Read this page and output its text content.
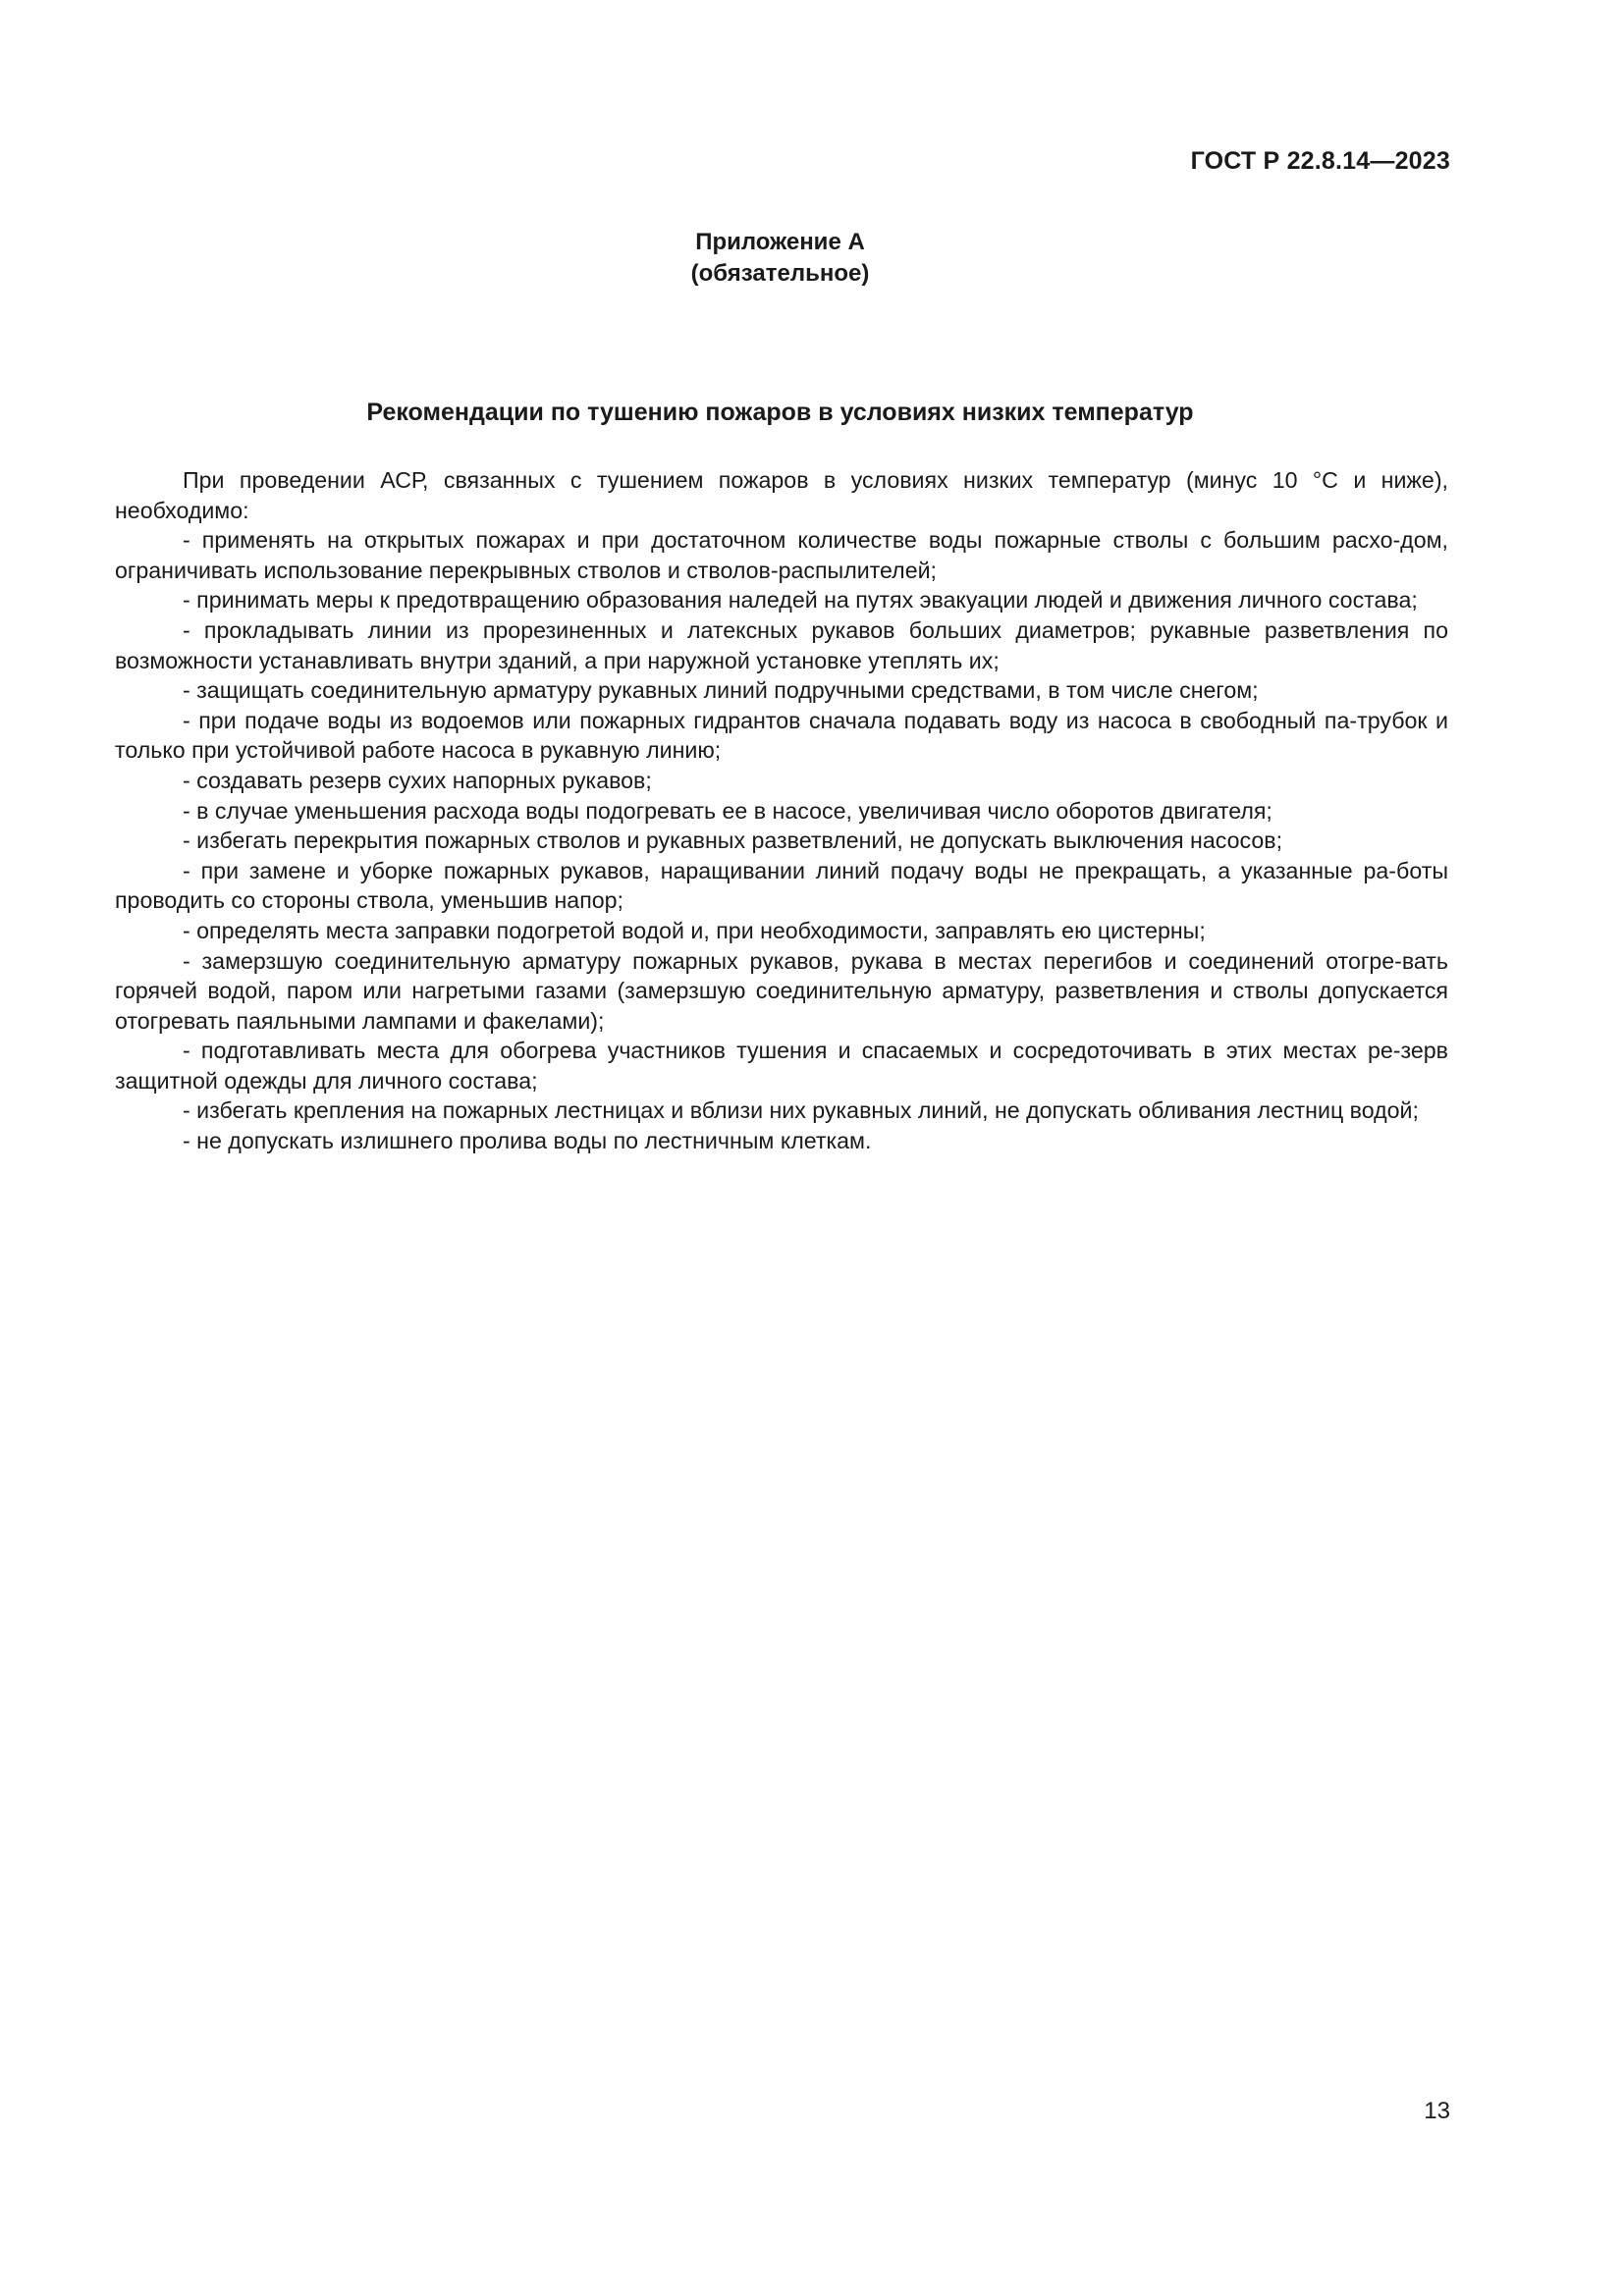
ГОСТ Р 22.8.14—2023
Приложение А
(обязательное)
Рекомендации по тушению пожаров в условиях низких температур

При проведении АСР, связанных с тушением пожаров в условиях низких температур (минус 10 °С и ниже), необходимо:

- применять на открытых пожарах и при достаточном количестве воды пожарные стволы с большим расхо-дом, ограничивать использование перекрывных стволов и стволов-распылителей;

- принимать меры к предотвращению образования наледей на путях эвакуации людей и движения личного состава;

- прокладывать линии из прорезиненных и латексных рукавов больших диаметров; рукавные разветвления по возможности устанавливать внутри зданий, а при наружной установке утеплять их;

- защищать соединительную арматуру рукавных линий подручными средствами, в том числе снегом;

- при подаче воды из водоемов или пожарных гидрантов сначала подавать воду из насоса в свободный па-трубок и только при устойчивой работе насоса в рукавную линию;

- создавать резерв сухих напорных рукавов;

- в случае уменьшения расхода воды подогревать ее в насосе, увеличивая число оборотов двигателя;

- избегать перекрытия пожарных стволов и рукавных разветвлений, не допускать выключения насосов;

- при замене и уборке пожарных рукавов, наращивании линий подачу воды не прекращать, а указанные ра-боты проводить со стороны ствола, уменьшив напор;

- определять места заправки подогретой водой и, при необходимости, заправлять ею цистерны;

- замерзшую соединительную арматуру пожарных рукавов, рукава в местах перегибов и соединений отогре-вать горячей водой, паром или нагретыми газами (замерзшую соединительную арматуру, разветвления и стволы допускается отогревать паяльными лампами и факелами);

- подготавливать места для обогрева участников тушения и спасаемых и сосредоточивать в этих местах ре-зерв защитной одежды для личного состава;

- избегать крепления на пожарных лестницах и вблизи них рукавных линий, не допускать обливания лестниц водой;

- не допускать излишнего пролива воды по лестничным клеткам.

13
